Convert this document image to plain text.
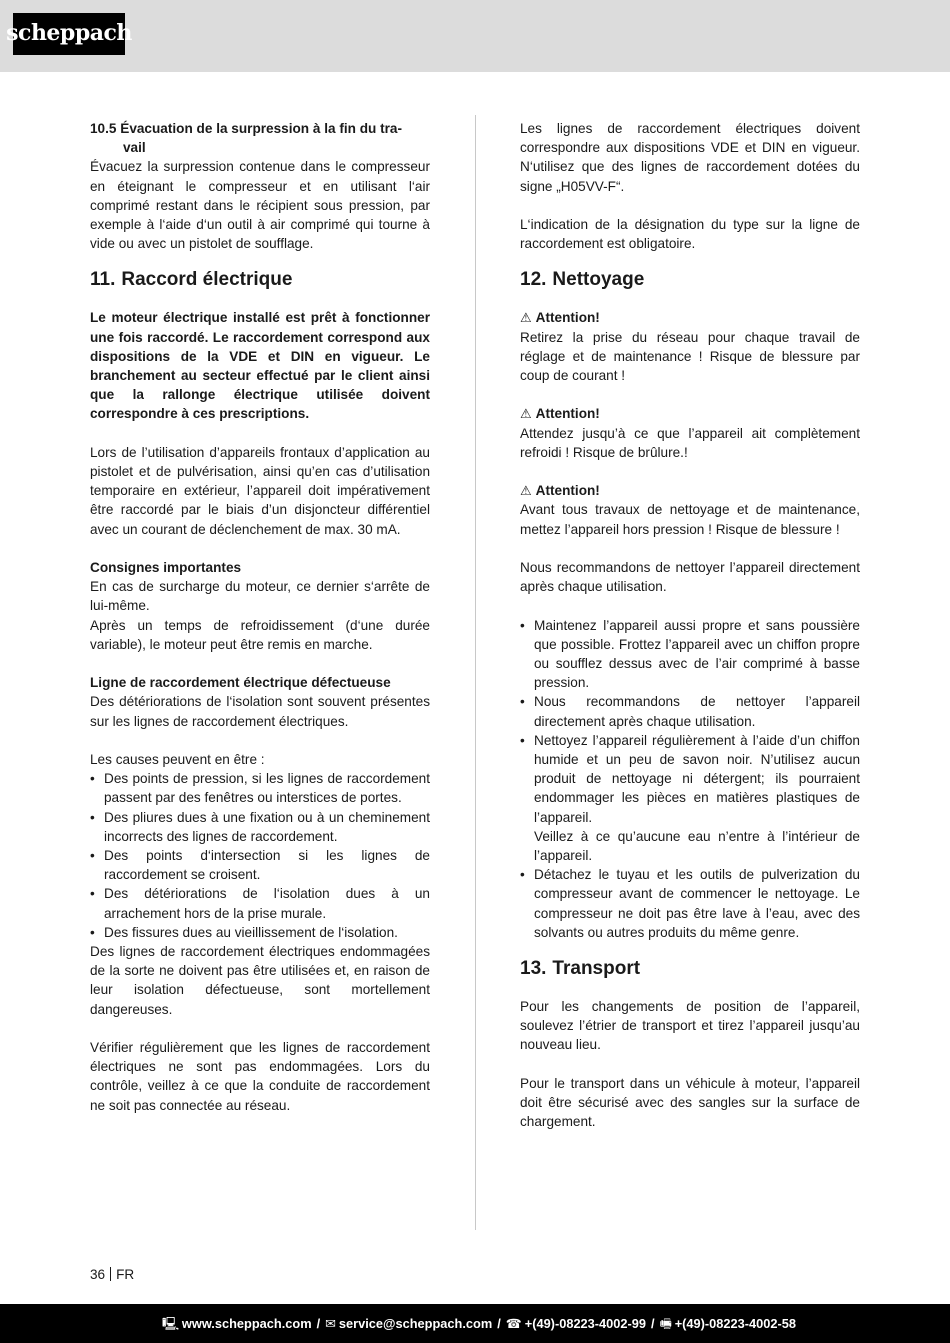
scheppach

10.5 Évacuation de la surpression à la fin du tra-

vail

Évacuez la surpression contenue dans le compresseur en éteignant le compresseur et en utilisant l‘air comprimé restant dans le récipient sous pression, par exemple à l‘aide d‘un outil à air comprimé qui tourne à vide ou avec un pistolet de soufflage.

11. Raccord électrique

Le moteur électrique installé est prêt à fonctionner une fois raccordé. Le raccordement correspond aux dispositions de la VDE et DIN en vigueur. Le branchement au secteur effectué par le client ainsi que la rallonge électrique utilisée doivent correspondre à ces prescriptions.

Lors de l’utilisation d’appareils frontaux d’application au pistolet et de pulvérisation, ainsi qu’en cas d’utilisation temporaire en extérieur, l’appareil doit impérativement être raccordé par le biais d’un disjoncteur différentiel avec un courant de déclenchement de max. 30 mA.

Consignes importantes

En cas de surcharge du moteur, ce dernier s‘arrête de lui-même.

Après un temps de refroidissement (d‘une durée variable), le moteur peut être remis en marche.

Ligne de raccordement électrique défectueuse

Des détériorations de l‘isolation sont souvent présentes sur les lignes de raccordement électriques.

Les causes peuvent en être :

• Des points de pression, si les lignes de raccordement passent par des fenêtres ou interstices de portes.
• Des pliures dues à une fixation ou à un cheminement incorrects des lignes de raccordement.
• Des points d‘intersection si les lignes de raccordement se croisent.
• Des détériorations de l‘isolation dues à un arrachement hors de la prise murale.
• Des fissures dues au vieillissement de l‘isolation.

Des lignes de raccordement électriques endommagées de la sorte ne doivent pas être utilisées et, en raison de leur isolation défectueuse, sont mortellement dangereuses.

Vérifier régulièrement que les lignes de raccordement électriques ne sont pas endommagées. Lors du contrôle, veillez à ce que la conduite de raccordement ne soit pas connectée au réseau.

Les lignes de raccordement électriques doivent correspondre aux dispositions VDE et DIN en vigueur. N‘utilisez que des lignes de raccordement dotées du signe „H05VV-F“.

L‘indication de la désignation du type sur la ligne de raccordement est obligatoire.

12. Nettoyage

⚠ Attention!

Retirez la prise du réseau pour chaque travail de réglage et de maintenance ! Risque de blessure par coup de courant !

⚠ Attention!

Attendez jusqu’à ce que l’appareil ait complètement refroidi ! Risque de brûlure.!

⚠ Attention!

Avant tous travaux de nettoyage et de maintenance, mettez l’appareil hors pression ! Risque de blessure !

Nous recommandons de nettoyer l’appareil directement après chaque utilisation.

• Maintenez l’appareil aussi propre et sans poussière que possible. Frottez l’appareil avec un chiffon propre ou soufflez dessus avec de l’air comprimé à basse pression.
• Nous recommandons de nettoyer l’appareil directement après chaque utilisation.
• Nettoyez l’appareil régulièrement à l’aide d’un chiffon humide et un peu de savon noir. N’utilisez aucun produit de nettoyage ni détergent; ils pourraient endommager les pièces en matières plastiques de l’appareil.
Veillez à ce qu’aucune eau n’entre à l’intérieur de l’appareil.
• Détachez le tuyau et les outils de pulverization du compresseur avant de commencer le nettoyage. Le compresseur ne doit pas être lave à l’eau, avec des solvants ou autres produits du même genre.
13. Transport

Pour les changements de position de l’appareil, soulevez l’étrier de transport et tirez l’appareil jusqu’au nouveau lieu.

Pour le transport dans un véhicule à moteur, l’appareil doit être sécurisé avec des sangles sur la surface de chargement.

36 FR
🖳 www.scheppach.com / ✉ service@scheppach.com / ☎ +(49)-08223-4002-99 / 🖷 +(49)-08223-4002-58
